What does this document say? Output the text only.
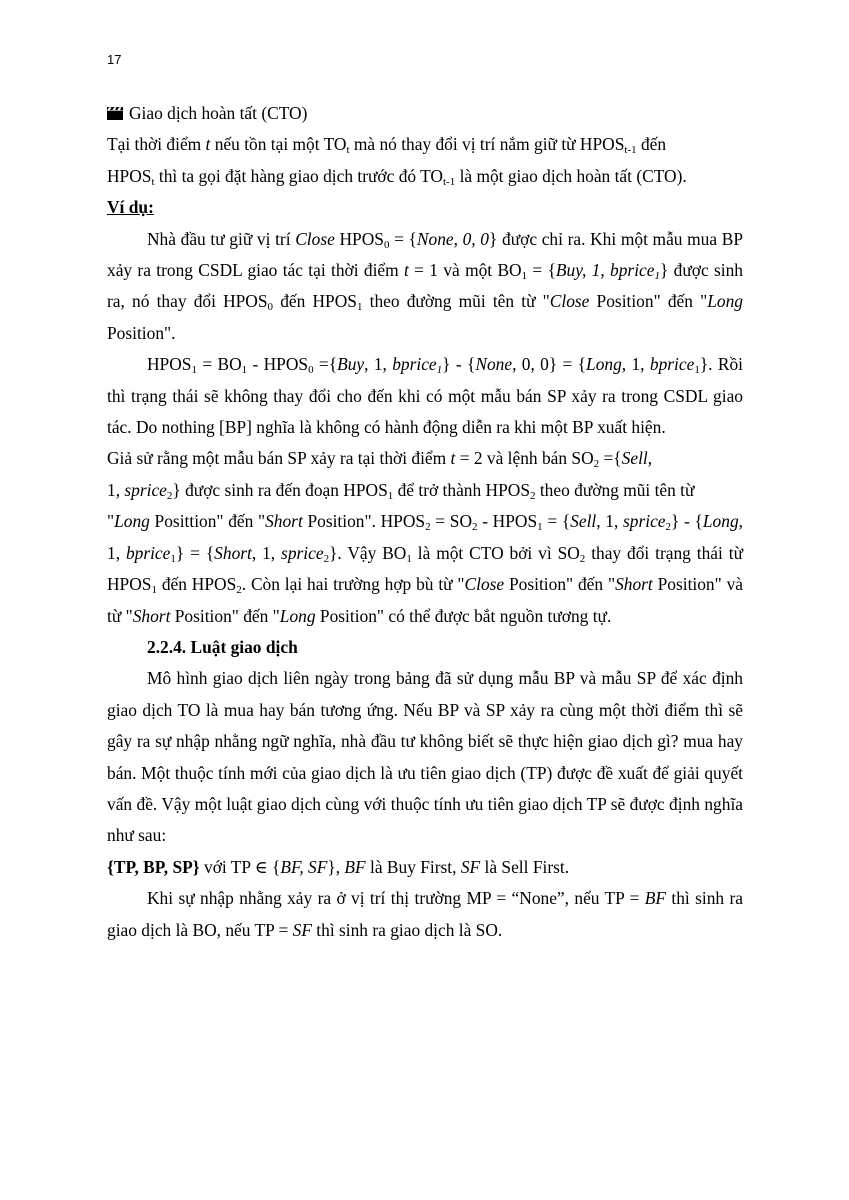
17

Giao dịch hoàn tất (CTO)

Tại thời điểm t nếu tồn tại một $TO_t$ mà nó thay đổi vị trí nắm giữ từ $HPOS_{t-1}$ đến
$HPOS_t$ thì ta gọi đặt hàng giao dịch trước đó $TO_{t-1}$ là một giao dịch hoàn tất (CTO).

Ví dụ:

Nhà đầu tư giữ vị trí Close $HPOS_0$ = {None, 0, 0} được chỉ ra. Khi một mẫu mua BP xảy ra trong CSDL giao tác tại thời điểm t = 1 và một $BO_1 = \{Buy$, 1, bprice$_1$} được sinh ra, nó thay đổi $HPOS_0$ đến $HPOS_1$ theo đường mũi tên từ "Close Position" đến "Long Position".

$HPOS_1 = BO_1$ - $HPOS_0 =\{Buy$, 1, bprice$_1$} - {None, 0, 0} = {Long, 1, bprice$_1$}. Rồi thì trạng thái sẽ không thay đổi cho đến khi có một mẫu bán SP xảy ra trong CSDL giao tác. Do nothing [BP] nghĩa là không có hành động diễn ra khi một BP xuất hiện.

Giả sử rằng một mẫu bán SP xảy ra tại thời điểm t = 2 và lệnh bán $SO_2$ ={Sell,

1, sprice$_2$} được sinh ra đến đoạn $HPOS_1$ để trở thành $HPOS_2$ theo đường mũi tên từ

"Long Posittion" đến "Short Position". $HPOS_2 = SO_2$ - $HPOS_1$ = {Sell, 1, sprice$_2$} - {Long, 1, bprice$_1$} = {Short, 1, sprice$_2$}. Vậy $BO_1$ là một CTO bởi vì $SO_2$ thay đổi trạng thái từ $HPOS_1$ đến $HPOS_2$. Còn lại hai trường hợp bù từ "Close Position" đến "Short Position" và từ "Short Position" đến "Long Position" có thể được bắt nguồn tương tự.

2.2.4. Luật giao dịch

Mô hình giao dịch liên ngày trong bảng đã sử dụng mẫu BP và mẫu SP để xác định giao dịch TO là mua hay bán tương ứng. Nếu BP và SP xảy ra cùng một thời điểm thì sẽ gây ra sự nhập nhằng ngữ nghĩa, nhà đầu tư không biết sẽ thực hiện giao dịch gì? mua hay bán. Một thuộc tính mới của giao dịch là ưu tiên giao dịch (TP) được đề xuất để giải quyết vấn đề. Vậy một luật giao dịch cùng với thuộc tính ưu tiên giao dịch TP sẽ được định nghĩa như sau:

{TP, BP, SP} với TP ∈ {BF, SF}, BF là Buy First, SF là Sell First.

Khi sự nhập nhằng xảy ra ở vị trí thị trường MP = “None”, nếu TP = BF thì sinh ra giao dịch là BO, nếu TP = SF thì sinh ra giao dịch là SO.
